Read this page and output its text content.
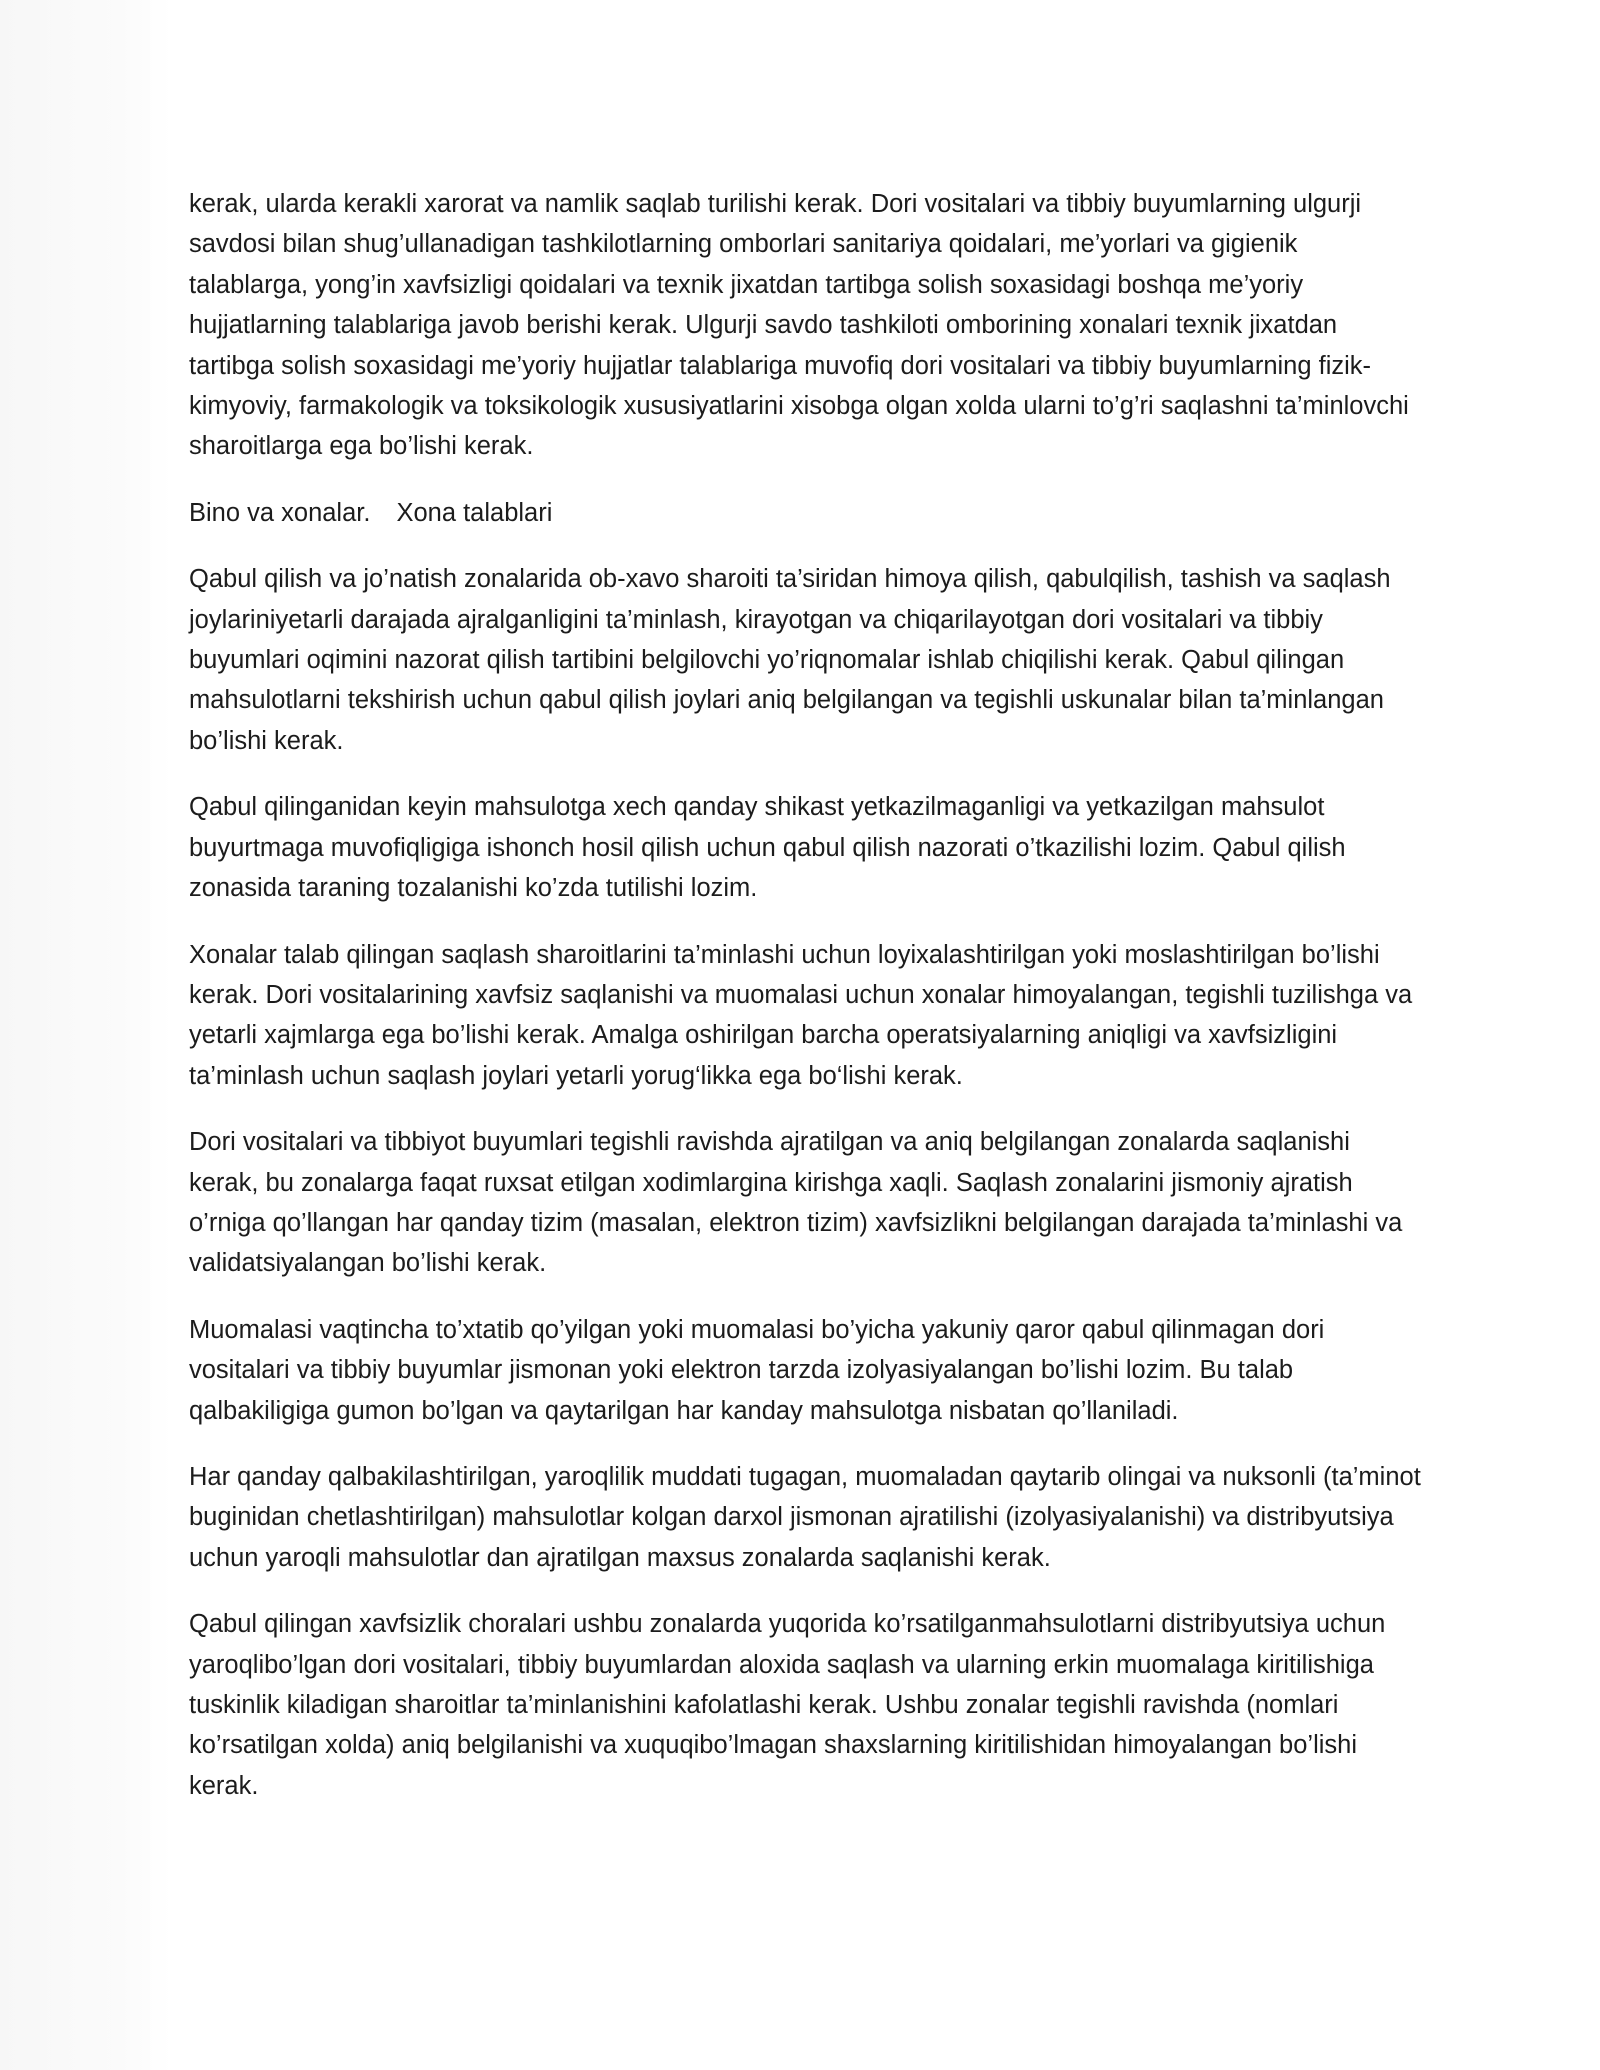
kerak, ularda kerakli xarorat va namlik saqlab turilishi kerak. Dori vositalari va tibbiy buyumlarning ulgurji savdosi bilan shug’ullanadigan tashkilotlarning omborlari sanitariya qoidalari, me’yorlari va gigienik talablarga, yong’in xavfsizligi qoidalari va texnik jixatdan tartibga solish soxasidagi boshqa me’yoriy hujjatlarning talablariga javob berishi kerak. Ulgurji savdo tashkiloti omborining xonalari texnik jixatdan tartibga solish soxasidagi me’yoriy hujjatlar talablariga muvofiq dori vositalari va tibbiy buyumlarning fizik-kimyoviy, farmakologik va toksikologik xususiyatlarini xisobga olgan xolda ularni to’g’ri saqlashni ta’minlovchi sharoitlarga ega bo’lishi kerak.

Bino va xonalar. Xona talablari

Qabul qilish va jo’natish zonalarida ob-xavo sharoiti ta’siridan himoya qilish, qabulqilish, tashish va saqlash joylariniyetarli darajada ajralganligini ta’minlash, kirayotgan va chiqarilayotgan dori vositalari va tibbiy buyumlari oqimini nazorat qilish tartibini belgilovchi yo’riqnomalar ishlab chiqilishi kerak. Qabul qilingan mahsulotlarni tekshirish uchun qabul qilish joylari aniq belgilangan va tegishli uskunalar bilan ta’minlangan bo’lishi kerak.

Qabul qilinganidan keyin mahsulotga xech qanday shikast yetkazilmaganligi va yetkazilgan mahsulot buyurtmaga muvofiqligiga ishonch hosil qilish uchun qabul qilish nazorati o’tkazilishi lozim. Qabul qilish zonasida taraning tozalanishi ko’zda tutilishi lozim.

Xonalar talab qilingan saqlash sharoitlarini ta’minlashi uchun loyixalashtirilgan yoki moslashtirilgan bo’lishi kerak. Dori vositalarining xavfsiz saqlanishi va muomalasi uchun xonalar himoyalangan, tegishli tuzilishga va yetarli xajmlarga ega bo’lishi kerak. Amalga oshirilgan barcha operatsiyalarning aniqligi va xavfsizligini ta’minlash uchun saqlash joylari yetarli yorug‘likka ega bo‘lishi kerak.

Dori vositalari va tibbiyot buyumlari tegishli ravishda ajratilgan va aniq belgilangan zonalarda saqlanishi kerak, bu zonalarga faqat ruxsat etilgan xodimlargina kirishga xaqli. Saqlash zonalarini jismoniy ajratish o’rniga qo’llangan har qanday tizim (masalan, elektron tizim) xavfsizlikni belgilangan darajada ta’minlashi va validatsiyalangan bo’lishi kerak.

Muomalasi vaqtincha to’xtatib qo’yilgan yoki muomalasi bo’yicha yakuniy qaror qabul qilinmagan dori vositalari va tibbiy buyumlar jismonan yoki elektron tarzda izolyasiyalangan bo’lishi lozim. Bu talab qalbakiligiga gumon bo’lgan va qaytarilgan har kanday mahsulotga nisbatan qo’llaniladi.

Har qanday qalbakilashtirilgan, yaroqlilik muddati tugagan, muomaladan qaytarib olingai va nuksonli (ta’minot buginidan chetlashtirilgan) mahsulotlar kolgan darxol jismonan ajratilishi (izolyasiyalanishi) va distribyutsiya uchun yaroqli mahsulotlar dan ajratilgan maxsus zonalarda saqlanishi kerak.

Qabul qilingan xavfsizlik choralari ushbu zonalarda yuqorida ko’rsatilganmahsulotlarni distribyutsiya uchun yaroqlibo’lgan dori vositalari, tibbiy buyumlardan aloxida saqlash va ularning erkin muomalaga kiritilishiga tuskinlik kiladigan sharoitlar ta’minlanishini kafolatlashi kerak. Ushbu zonalar tegishli ravishda (nomlari ko’rsatilgan xolda) aniq belgilanishi va xuquqibo’lmagan shaxslarning kiritilishidan himoyalangan bo’lishi kerak.
